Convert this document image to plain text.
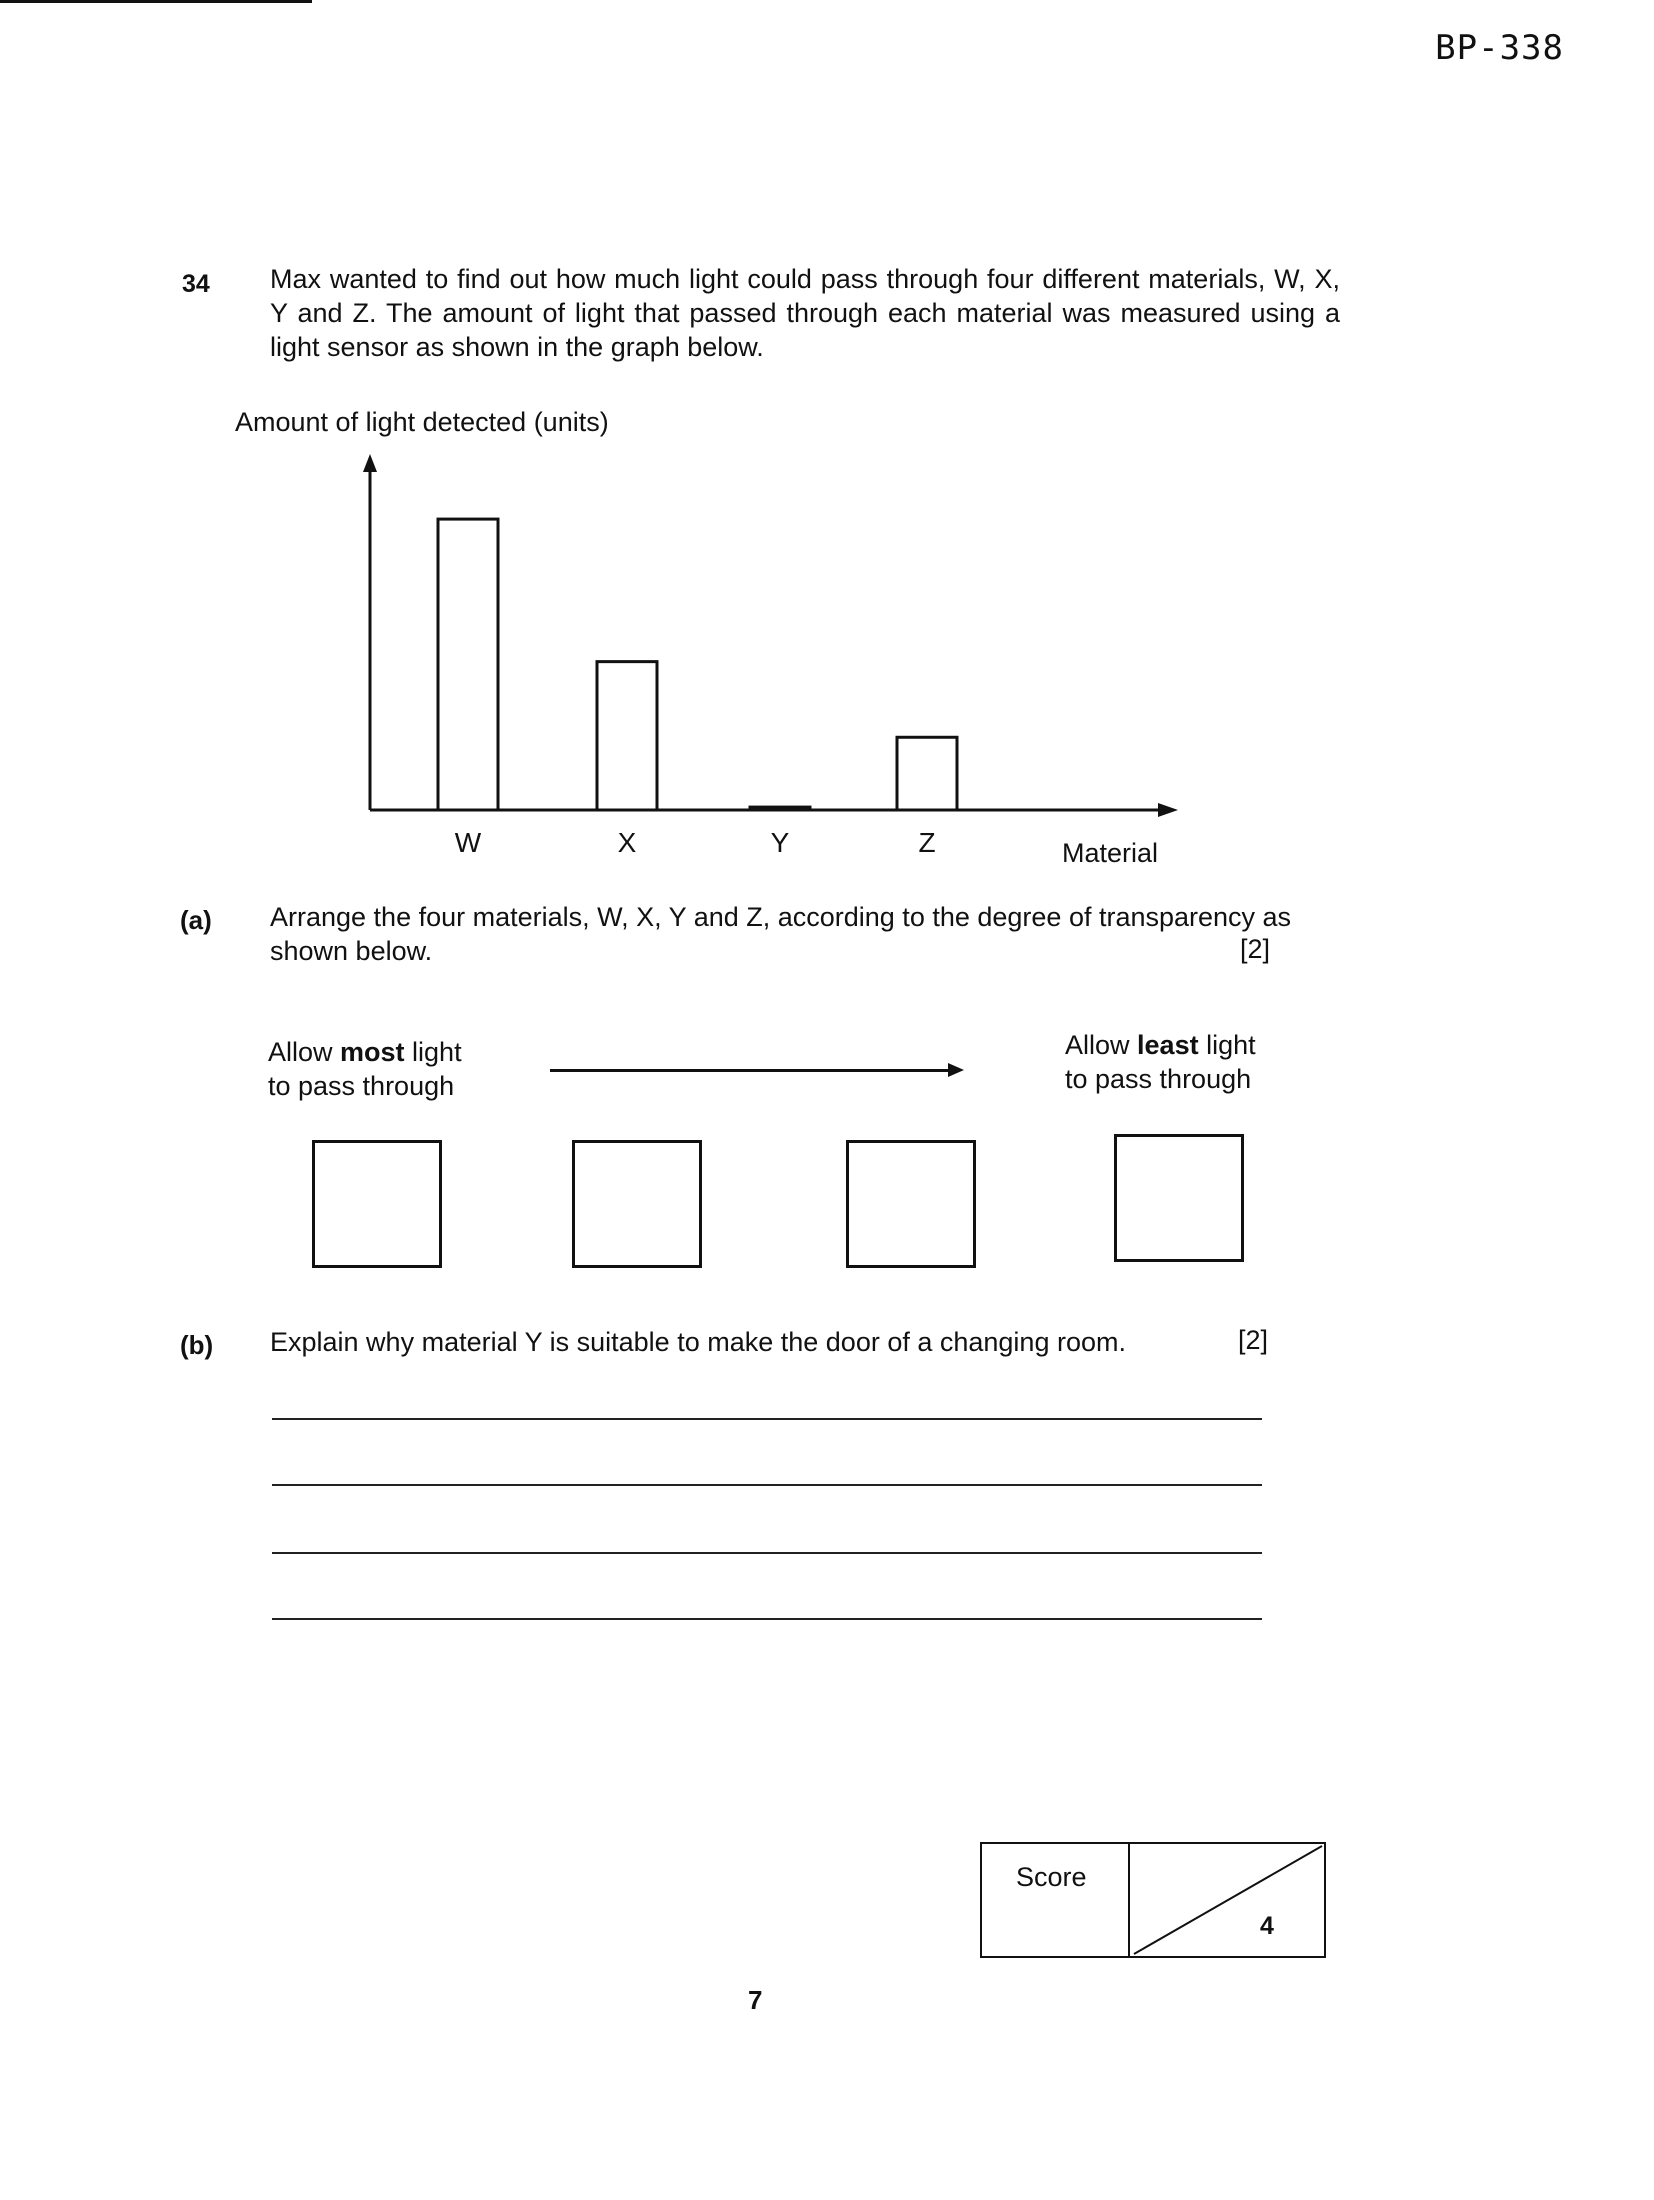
BP-338
34 Max wanted to find out how much light could pass through four different materials, W, X, Y and Z. The amount of light that passed through each material was measured using a light sensor as shown in the graph below.
Amount of light detected (units)
W	X	Y	Z	Material
(a) Arrange the four materials, W, X, Y and Z, according to the degree of transparency as shown below.	[2]
Allow most light
to pass through
Allow least light
to pass through
(b) Explain why material Y is suitable to make the door of a changing room.	[2]
Score
4
7
